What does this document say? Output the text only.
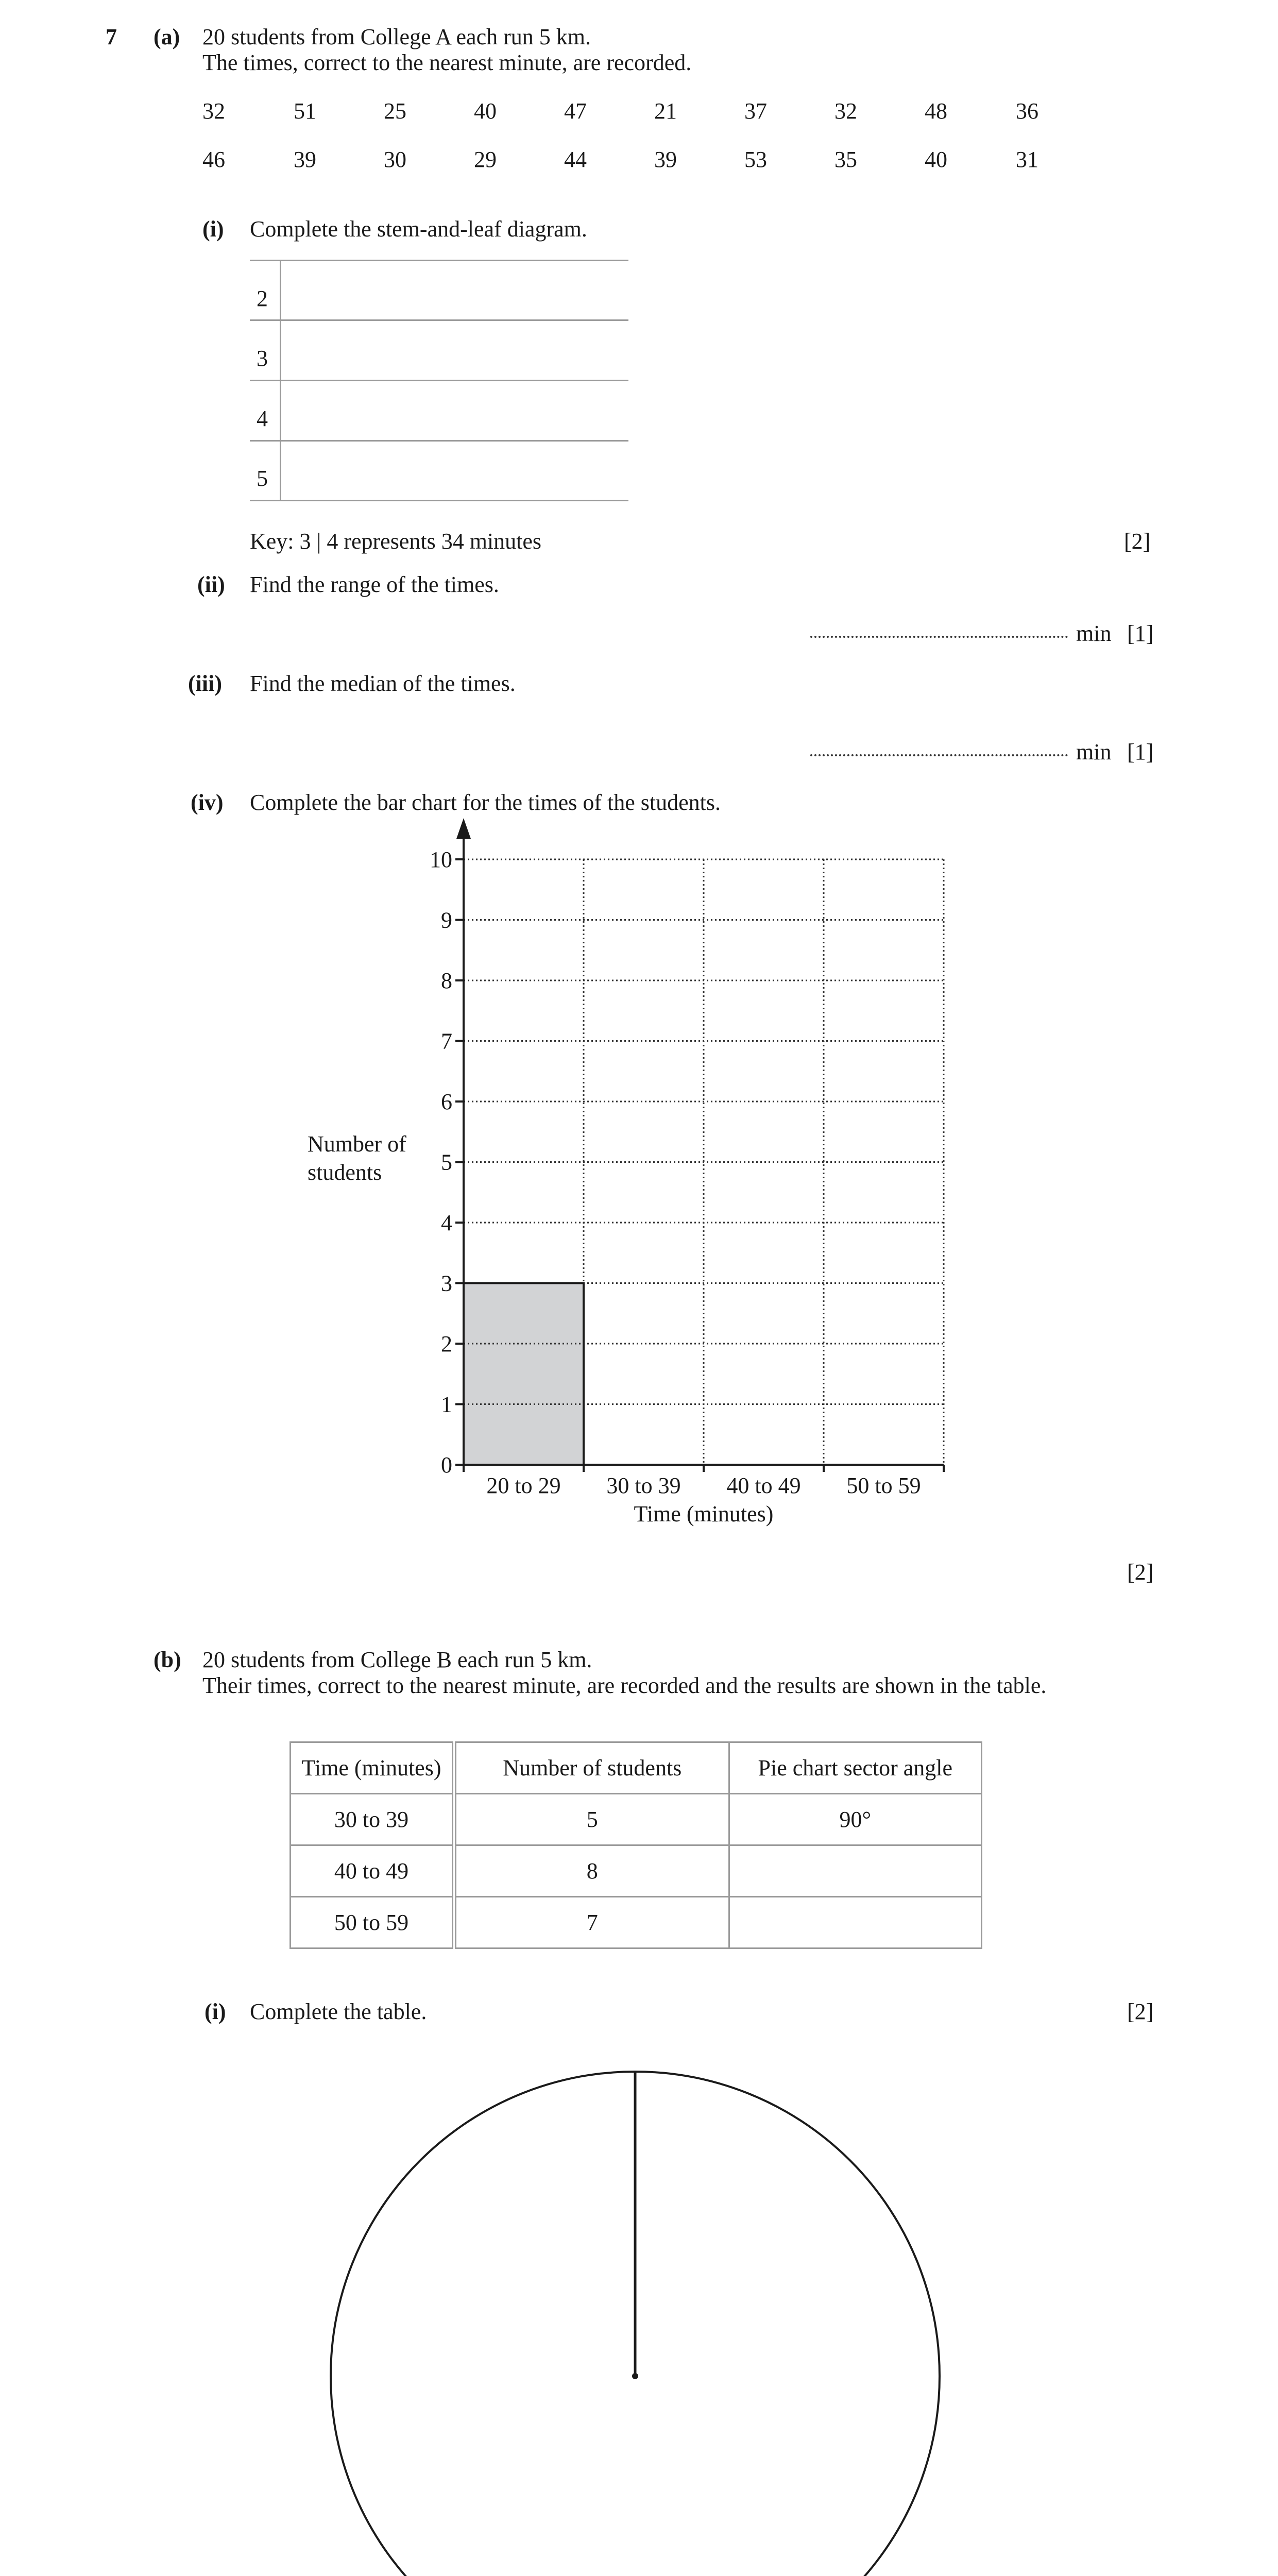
7 (a) 20 students from College A each run 5 km.
The times, correct to the nearest minute, are recorded.
32	51	25	40	47	21	37	32	48	36
46	39	30	29	44	39	53	35	40	31
(i) Complete the stem-and-leaf diagram.
2
3
4
5
Key: 3 | 4 represents 34 minutes	[2]
(ii) Find the range of the times.
min [1]
(iii) Find the median of the times.
min [1]
(iv) Complete the bar chart for the times of the students.
0
1
2
3
4
5
6
7
8
9
10
20 to 29 30 to 39 40 to 49 50 to 59
Time (minutes)
Number of
students
[2]
(b) 20 students from College B each run 5 km.
Their times, correct to the nearest minute, are recorded and the results are shown in the table.
Time (minutes)	Number of students	Pie chart sector angle
30 to 39	5	90°
40 to 49	8	
50 to 59	7	
(i) Complete the table.	[2]
